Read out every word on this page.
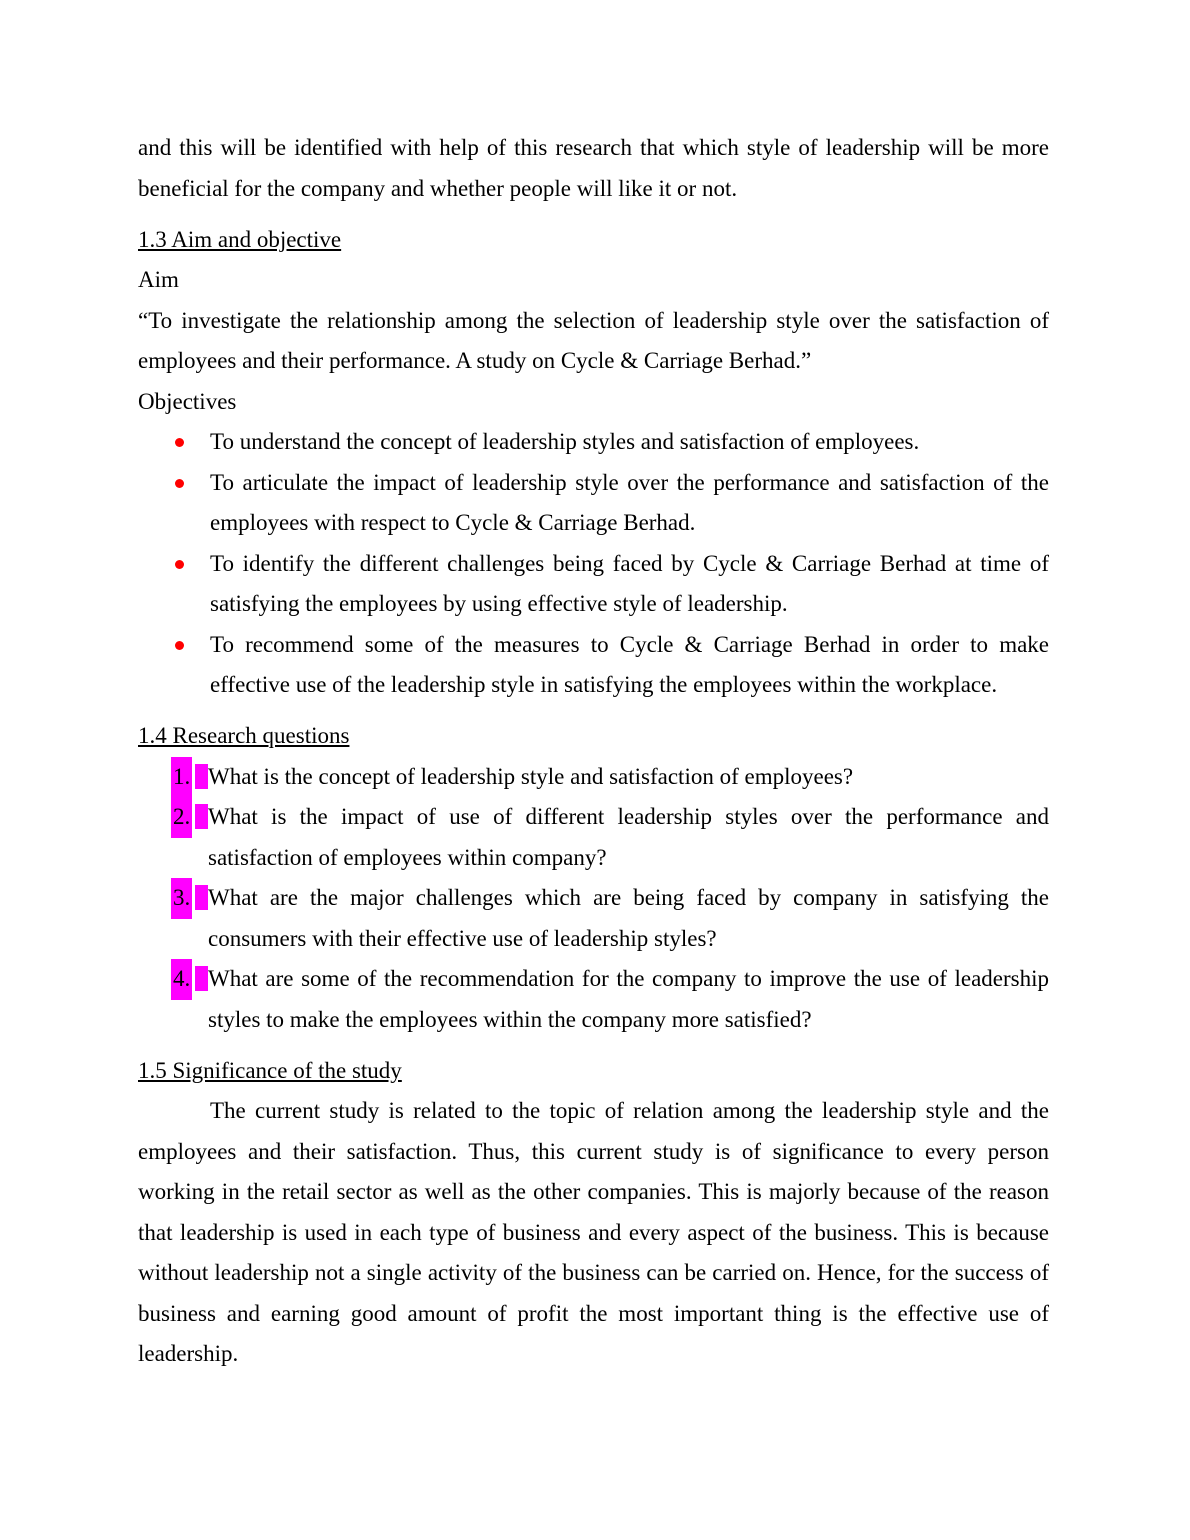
and this will be identified with help of this research that which style of leadership will be more beneficial for the company and whether people will like it or not.

1.3 Aim and objective

Aim

“To investigate the relationship among the selection of leadership style over the satisfaction of employees and their performance. A study on Cycle & Carriage Berhad.”

Objectives

To understand the concept of leadership styles and satisfaction of employees.
To articulate the impact of leadership style over the performance and satisfaction of the employees with respect to Cycle & Carriage Berhad.
To identify the different challenges being faced by Cycle & Carriage Berhad at time of satisfying the employees by using effective style of leadership.
To recommend some of the measures to Cycle & Carriage Berhad in order to make effective use of the leadership style in satisfying the employees within the workplace.
1.4 Research questions
1. What is the concept of leadership style and satisfaction of employees?
2. What is the impact of use of different leadership styles over the performance and satisfaction of employees within company?
3. What are the major challenges which are being faced by company in satisfying the consumers with their effective use of leadership styles?
4. What are some of the recommendation for the company to improve the use of leadership styles to make the employees within the company more satisfied?
1.5 Significance of the study

The current study is related to the topic of relation among the leadership style and the employees and their satisfaction. Thus, this current study is of significance to every person working in the retail sector as well as the other companies. This is majorly because of the reason that leadership is used in each type of business and every aspect of the business. This is because without leadership not a single activity of the business can be carried on. Hence, for the success of business and earning good amount of profit the most important thing is the effective use of leadership.
